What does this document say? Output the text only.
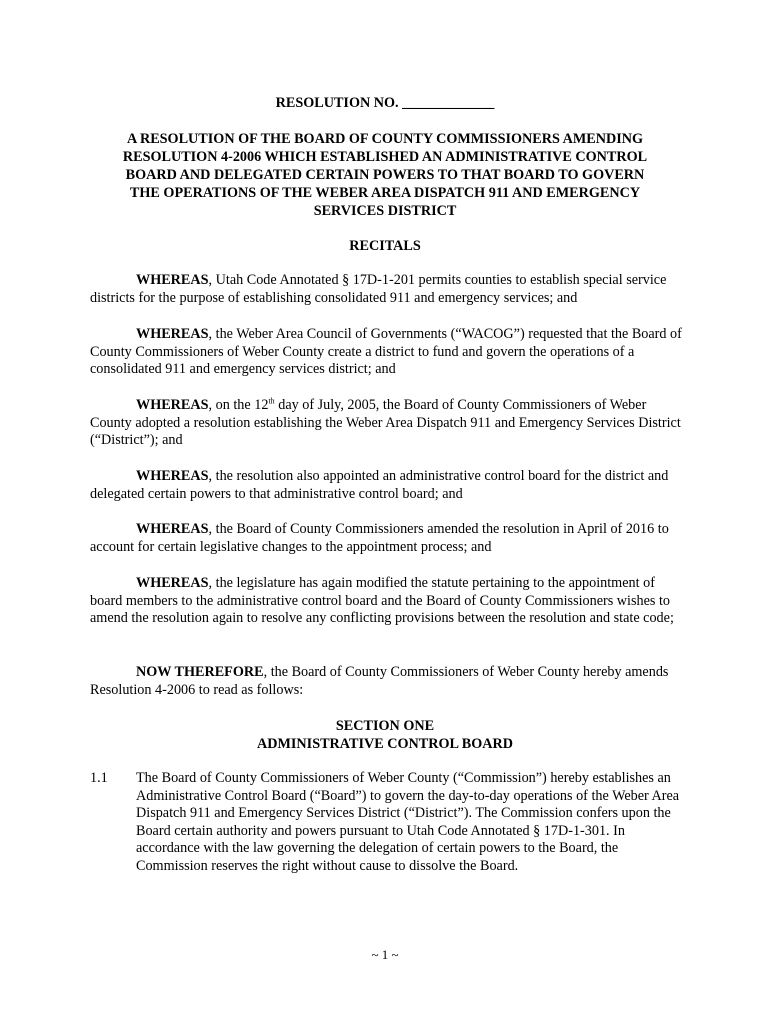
RESOLUTION NO. _____________
A RESOLUTION OF THE BOARD OF COUNTY COMMISSIONERS AMENDING
RESOLUTION 4-2006 WHICH ESTABLISHED AN ADMINISTRATIVE CONTROL
BOARD AND DELEGATED CERTAIN POWERS TO THAT BOARD TO GOVERN
THE OPERATIONS OF THE WEBER AREA DISPATCH 911 AND EMERGENCY
SERVICES DISTRICT
RECITALS

WHEREAS, Utah Code Annotated § 17D-1-201 permits counties to establish special service districts for the purpose of establishing consolidated 911 and emergency services; and

WHEREAS, the Weber Area Council of Governments (“WACOG”) requested that the Board of County Commissioners of Weber County create a district to fund and govern the operations of a consolidated 911 and emergency services district; and

WHEREAS, on the 12th day of July, 2005, the Board of County Commissioners of Weber County adopted a resolution establishing the Weber Area Dispatch 911 and Emergency Services District (“District”); and

WHEREAS, the resolution also appointed an administrative control board for the district and delegated certain powers to that administrative control board; and

WHEREAS, the Board of County Commissioners amended the resolution in April of 2016 to account for certain legislative changes to the appointment process; and

WHEREAS, the legislature has again modified the statute pertaining to the appointment of board members to the administrative control board and the Board of County Commissioners wishes to amend the resolution again to resolve any conflicting provisions between the resolution and state code;

NOW THEREFORE, the Board of County Commissioners of Weber County hereby amends Resolution 4-2006 to read as follows:

SECTION ONE
ADMINISTRATIVE CONTROL BOARD
1.1 The Board of County Commissioners of Weber County (“Commission”) hereby establishes an Administrative Control Board (“Board”) to govern the day-to-day operations of the Weber Area Dispatch 911 and Emergency Services District (“District”). The Commission confers upon the Board certain authority and powers pursuant to Utah Code Annotated § 17D-1-301. In accordance with the law governing the delegation of certain powers to the Board, the Commission reserves the right without cause to dissolve the Board.

~ 1 ~
